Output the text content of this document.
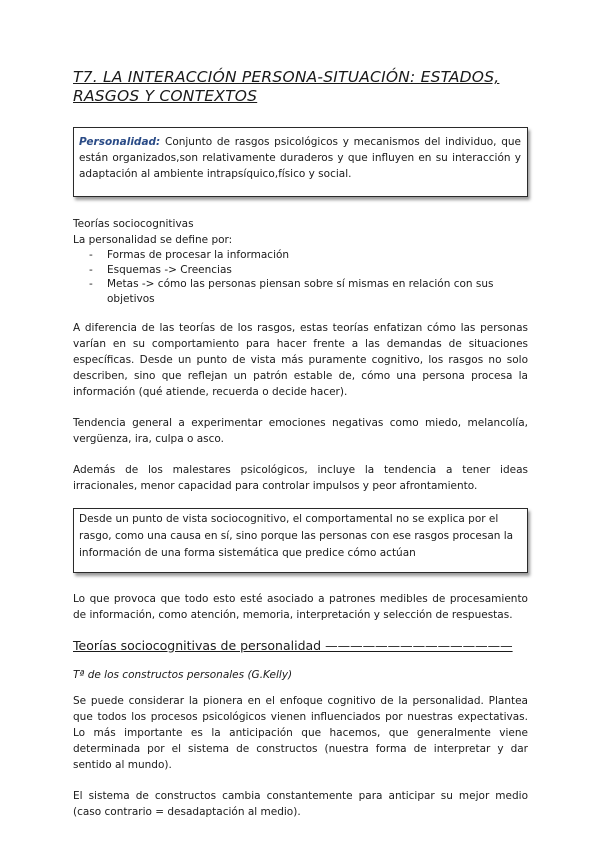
T7. LA INTERACCIÓN PERSONA-SITUACIÓN: ESTADOS, RASGOS Y CONTEXTOS
Personalidad: Conjunto de rasgos psicológicos y mecanismos del individuo, que están organizados,son relativamente duraderos y que influyen en su interacción y adaptación al ambiente intrapsíquico,físico y social.

Teorías sociocognitivas

La personalidad se define por:

- Formas de procesar la información
- Esquemas -> Creencias
- Metas -> cómo las personas piensan sobre sí mismas en relación con sus objetivos

A diferencia de las teorías de los rasgos, estas teorías enfatizan cómo las personas varían en su comportamiento para hacer frente a las demandas de situaciones específicas. Desde un punto de vista más puramente cognitivo, los rasgos no solo describen, sino que reflejan un patrón estable de, cómo una persona procesa la información (qué atiende, recuerda o decide hacer).

Tendencia general a experimentar emociones negativas como miedo, melancolía, vergüenza, ira, culpa o asco.

Además de los malestares psicológicos, incluye la tendencia a tener ideas irracionales, menor capacidad para controlar impulsos y peor afrontamiento.

Desde un punto de vista sociocognitivo, el comportamental no se explica por el rasgo, como una causa en sí, sino porque las personas con ese rasgos procesan la información de una forma sistemática que predice cómo actúan

Lo que provoca que todo esto esté asociado a patrones medibles de procesamiento de información, como atención, memoria, interpretación y selección de respuestas.

Teorías sociocognitivas de personalidad ———————————————
Tª de los constructos personales (G.Kelly)

Se puede considerar la pionera en el enfoque cognitivo de la personalidad. Plantea que todos los procesos psicológicos vienen influenciados por nuestras expectativas. Lo más importante es la anticipación que hacemos, que generalmente viene determinada por el sistema de constructos (nuestra forma de interpretar y dar sentido al mundo).

El sistema de constructos cambia constantemente para anticipar su mejor medio (caso contrario = desadaptación al medio).
